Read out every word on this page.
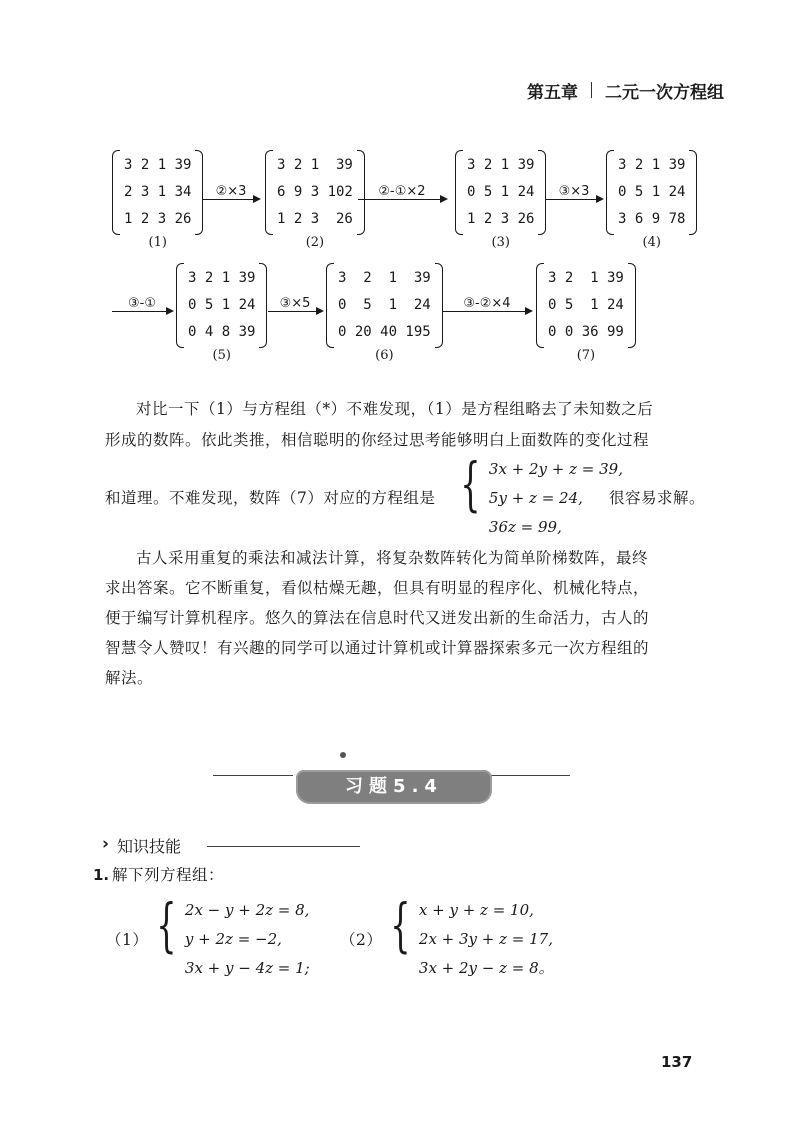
第五章 二元一次方程组
3 2 1 39
2 3 1 34
1 2 3 26
(1)
②×3
3 2 1  39
6 9 3 102
1 2 3  26
(2)
②-①×2
3 2 1 39
0 5 1 24
1 2 3 26
(3)
③×3
3 2 1 39
0 5 1 24
3 6 9 78
(4)
③-①
3 2 1 39
0 5 1 24
0 4 8 39
(5)
③×5
3  2  1  39
0  5  1  24
0 20 40 195
(6)
③-②×4
3 2  1 39
0 5  1 24
0 0 36 99
(7)
对比一下（1）与方程组（*）不难发现，（1）是方程组略去了未知数之后
形成的数阵。依此类推，相信聪明的你经过思考能够明白上面数阵的变化过程
和道理。不难发现，数阵（7）对应的方程组是 { 3x + 2y + z = 39,
5y + z = 24,
36z = 99,
很容易求解。
古人采用重复的乘法和减法计算，将复杂数阵转化为简单阶梯数阵，最终
求出答案。它不断重复，看似枯燥无趣，但具有明显的程序化、机械化特点，
便于编写计算机程序。悠久的算法在信息时代又迸发出新的生命活力，古人的
智慧令人赞叹！有兴趣的同学可以通过计算机或计算器探索多元一次方程组的
解法。
习题5.4
› 知识技能
1. 解下列方程组：
（1） { 2x − y + 2z = 8,
y + 2z = −2,
3x + y − 4z = 1;
（2） { x + y + z = 10,
2x + 3y + z = 17,
3x + 2y − z = 8。
137
